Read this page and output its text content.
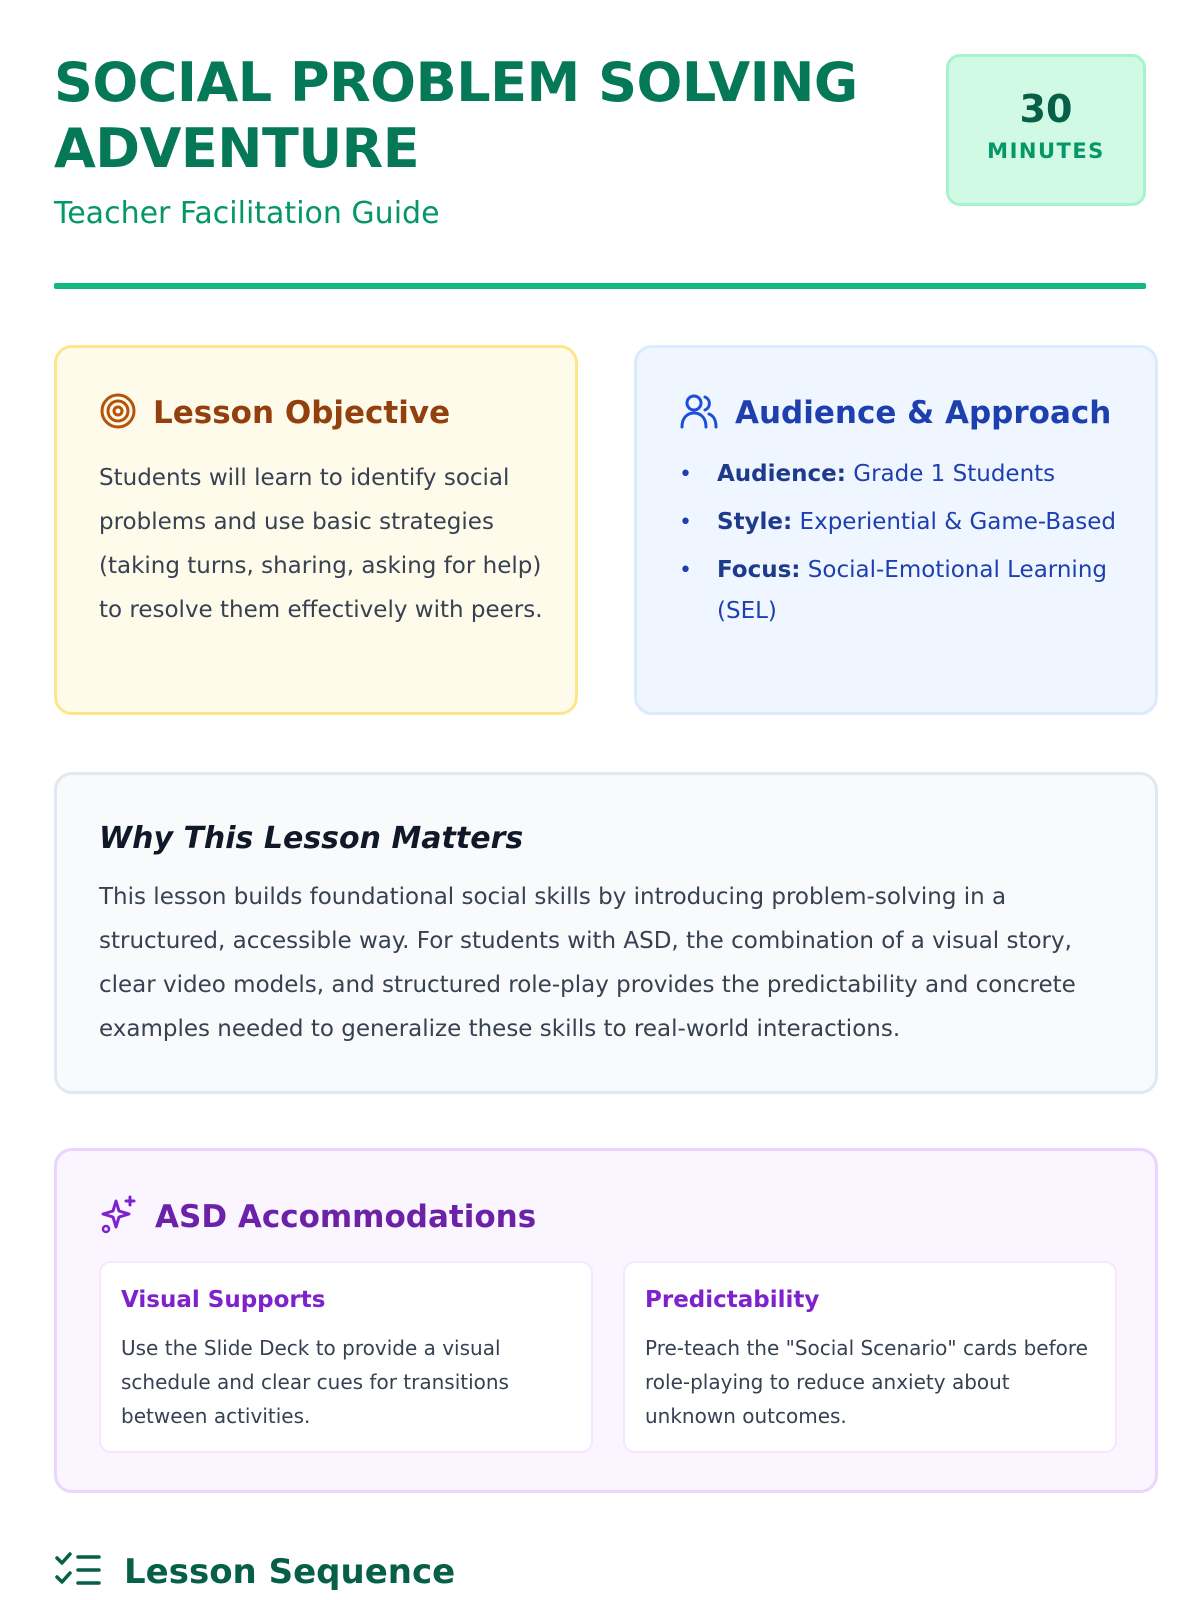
SOCIAL PROBLEM SOLVING ADVENTURE
Teacher Facilitation Guide
30
MINUTES
Lesson Objective

Students will learn to identify social problems and use basic strategies (taking turns, sharing, asking for help) to resolve them effectively with peers.

Audience & Approach
• Audience: Grade 1 Students
• Style: Experiential & Game-Based
• Focus: Social-Emotional Learning (SEL)
Why This Lesson Matters

This lesson builds foundational social skills by introducing problem-solving in a structured, accessible way. For students with ASD, the combination of a visual story, clear video models, and structured role-play provides the predictability and concrete examples needed to generalize these skills to real-world interactions.

ASD Accommodations
Visual Supports

Use the Slide Deck to provide a visual schedule and clear cues for transitions between activities.

Predictability

Pre-teach the "Social Scenario" cards before role-playing to reduce anxiety about unknown outcomes.

Lesson Sequence
